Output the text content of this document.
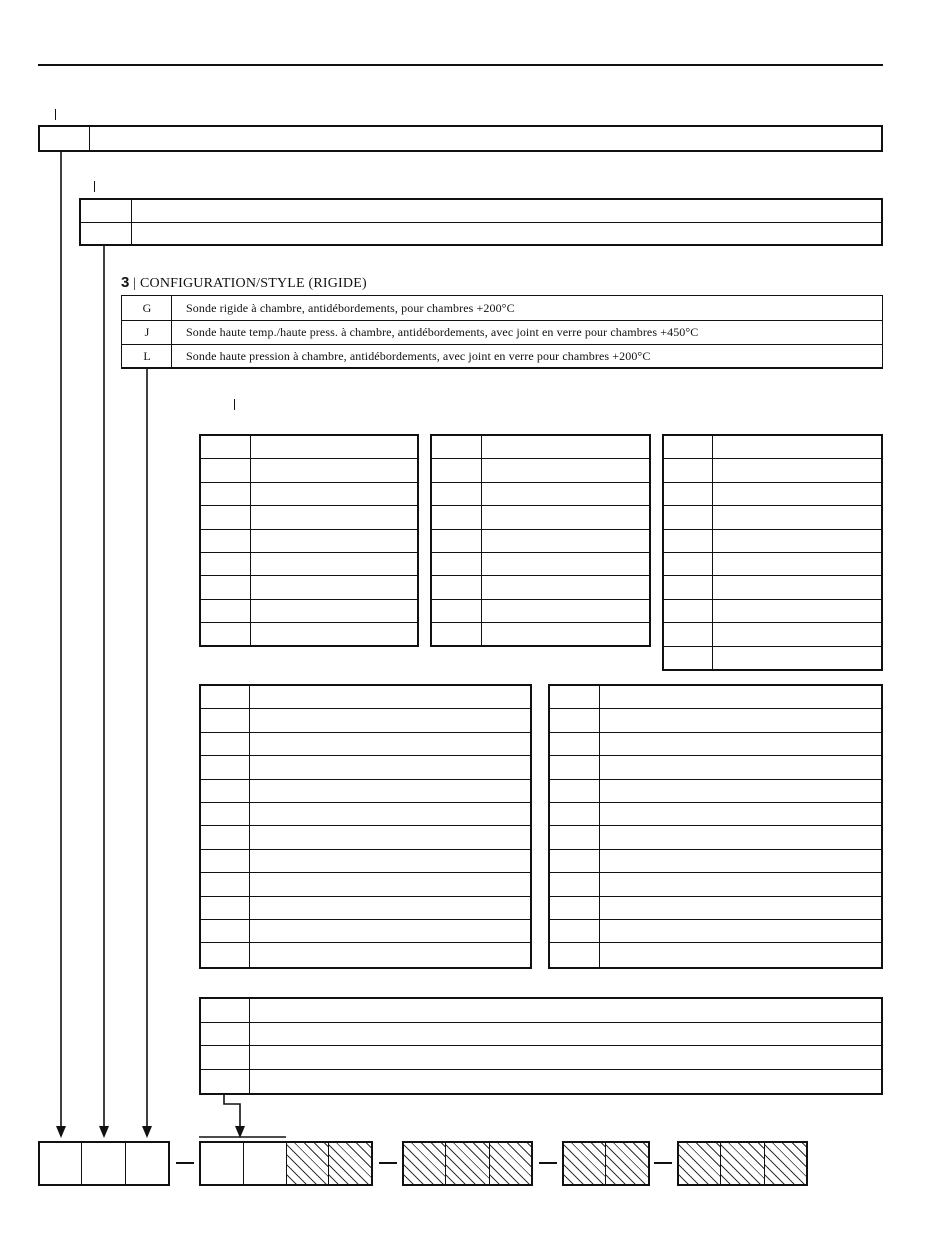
3 | CONFIGURATION/STYLE (RIGIDE)
G	Sonde rigide à chambre, antidébordements, pour chambres +200°C
J	Sonde haute temp./haute press. à chambre, antidébordements, avec joint en verre pour chambres +450°C
L	Sonde haute pression à chambre, antidébordements, avec joint en verre pour chambres +200°C
